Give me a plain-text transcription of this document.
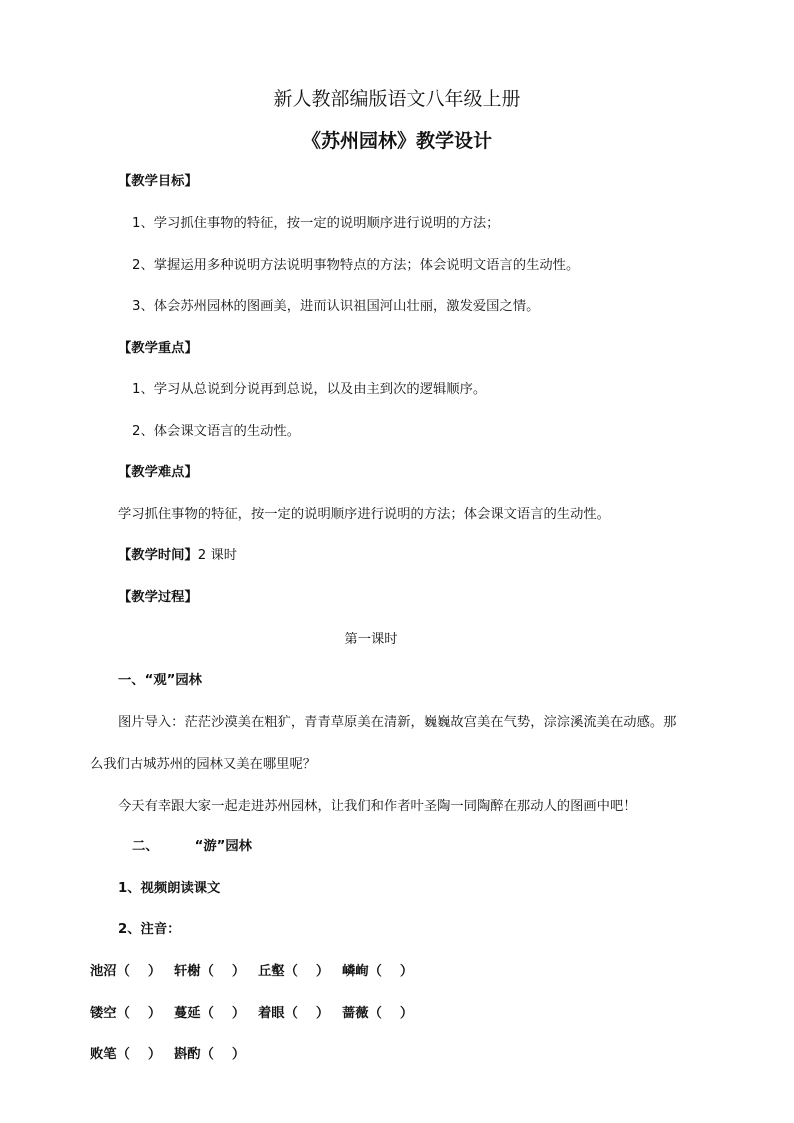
新人教部编版语文八年级上册
《苏州园林》教学设计
【教学目标】
1、学习抓住事物的特征，按一定的说明顺序进行说明的方法；
2、掌握运用多种说明方法说明事物特点的方法；体会说明文语言的生动性。
3、体会苏州园林的图画美，进而认识祖国河山壮丽，激发爱国之情。
【教学重点】
1、学习从总说到分说再到总说，以及由主到次的逻辑顺序。
2、体会课文语言的生动性。
【教学难点】
学习抓住事物的特征，按一定的说明顺序进行说明的方法；体会课文语言的生动性。
【教学时间】2 课时
【教学过程】
第一课时
一、“观”园林
图片导入：茫茫沙漠美在粗犷，青青草原美在清新，巍巍故宫美在气势，淙淙溪流美在动感。那
么我们古城苏州的园林又美在哪里呢？
今天有幸跟大家一起走进苏州园林，让我们和作者叶圣陶一同陶醉在那动人的图画中吧！
二、	“游”园林
1、视频朗读课文
2、注音：
池沼（　 ） 轩榭（　 ） 丘壑（　 ） 嶙峋（　 ）
镂空（　 ） 蔓延（　 ） 着眼（　 ） 蔷薇（　 ）
败笔（　 ） 斟酌（　 ）
